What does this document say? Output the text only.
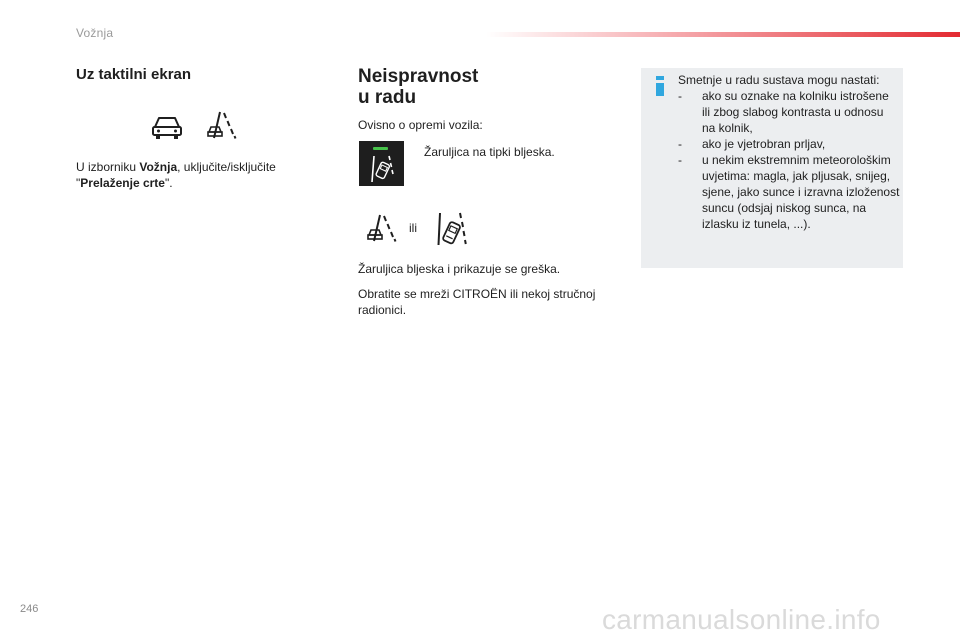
Vožnja
Uz taktilni ekran
U izborniku Vožnja, uključite/isključite "Prelaženje crte".
Neispravnost
u radu
Ovisno o opremi vozila:
Žaruljica na tipki bljeska.
ili
Žaruljica bljeska i prikazuje se greška.
Obratite se mreži CITROËN ili nekoj stručnoj radionici.
Smetnje u radu sustava mogu nastati:
-	ako su oznake na kolniku istrošene ili zbog slabog kontrasta u odnosu na kolnik,
-	ako je vjetrobran prljav,
-	u nekim ekstremnim meteorološkim uvjetima: magla, jak pljusak, snijeg, sjene, jako sunce i izravna izloženost suncu (odsjaj niskog sunca, na izlasku iz tunela, ...).
246	carmanualsonline.info
